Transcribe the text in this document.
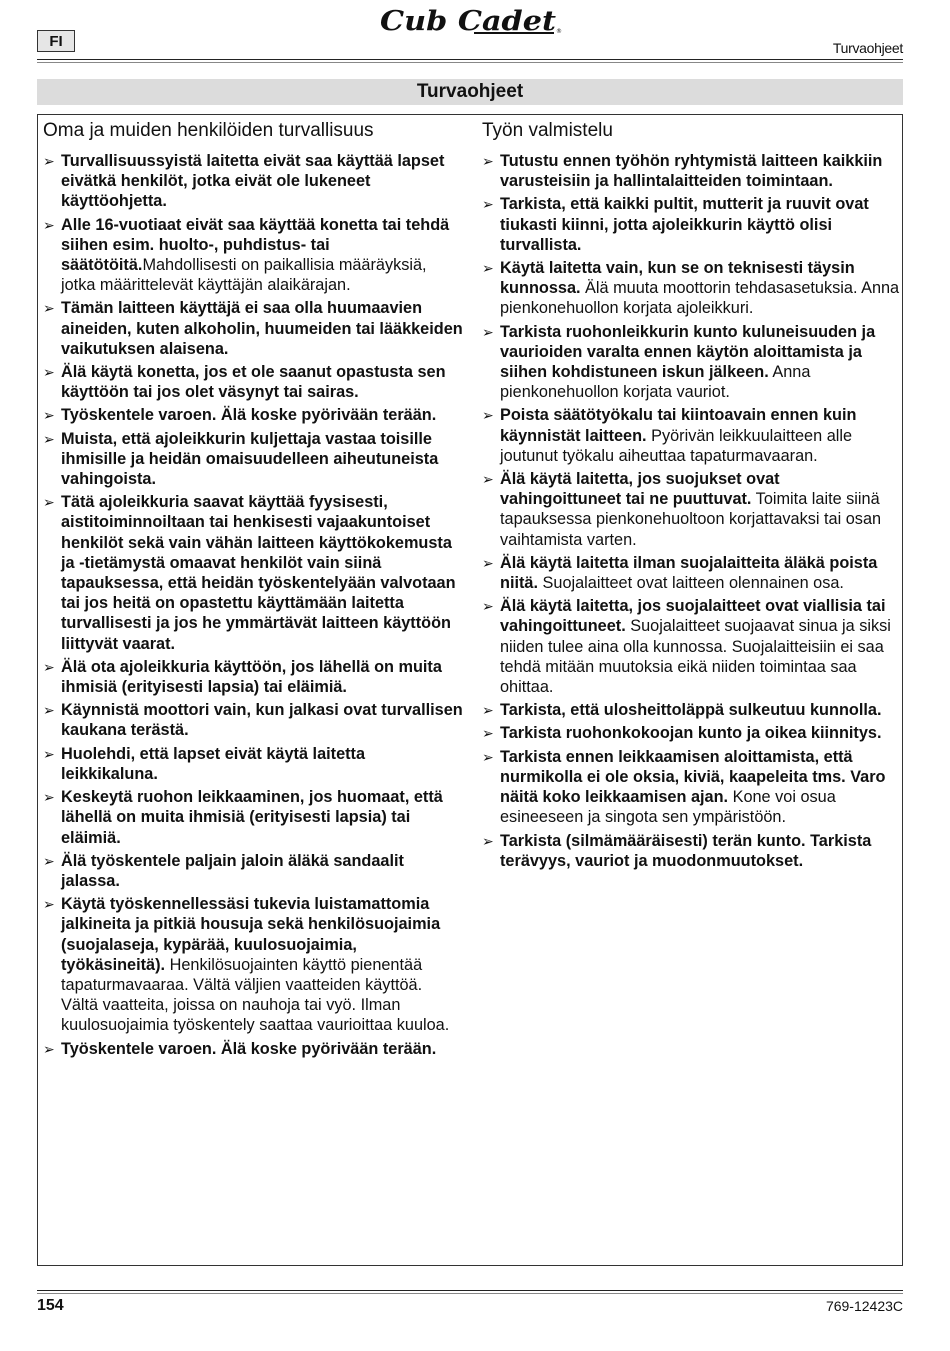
FI
Cub Cadet ®
Turvaohjeet
Turvaohjeet
Oma ja muiden henkilöiden turvallisuus
➢ Turvallisuussyistä laitetta eivät saa käyttää lapset eivätkä henkilöt, jotka eivät ole lukeneet käyttöohjetta.
➢ Alle 16-vuotiaat eivät saa käyttää konetta tai tehdä siihen esim. huolto-, puhdistus- tai säätötöitä.Mahdollisesti on paikallisia määräyksiä, jotka määrittelevät käyttäjän alaikärajan.
➢ Tämän laitteen käyttäjä ei saa olla huumaavien aineiden, kuten alkoholin, huumeiden tai lääkkeiden vaikutuksen alaisena.
➢ Älä käytä konetta, jos et ole saanut opastusta sen käyttöön tai jos olet väsynyt tai sairas.
➢ Työskentele varoen. Älä koske pyörivään terään.
➢ Muista, että ajoleikkurin kuljettaja vastaa toisille ihmisille ja heidän omaisuudelleen aiheutuneista vahingoista.
➢ Tätä ajoleikkuria saavat käyttää fyysisesti, aistitoiminnoiltaan tai henkisesti vajaakuntoiset henkilöt sekä vain vähän laitteen käyttökokemusta ja -tietämystä omaavat henkilöt vain siinä tapauksessa, että heidän työskentelyään valvotaan tai jos heitä on opastettu käyttämään laitetta turvallisesti ja jos he ymmärtävät laitteen käyttöön liittyvät vaarat.
➢ Älä ota ajoleikkuria käyttöön, jos lähellä on muita ihmisiä (erityisesti lapsia) tai eläimiä.
➢ Käynnistä moottori vain, kun jalkasi ovat turvallisen kaukana terästä.
➢ Huolehdi, että lapset eivät käytä laitetta leikkikaluna.
➢ Keskeytä ruohon leikkaaminen, jos huomaat, että lähellä on muita ihmisiä (erityisesti lapsia) tai eläimiä.
➢ Älä työskentele paljain jaloin äläkä sandaalit jalassa.
➢ Käytä työskennellessäsi tukevia luistamattomia jalkineita ja pitkiä housuja sekä henkilösuojaimia (suojalaseja, kypärää, kuulosuojaimia, työkäsineitä). Henkilösuojainten käyttö pienentää tapaturmavaaraa. Vältä väljien vaatteiden käyttöä. Vältä vaatteita, joissa on nauhoja tai vyö. Ilman kuulosuojaimia työskentely saattaa vaurioittaa kuuloa.
➢ Työskentele varoen. Älä koske pyörivään terään.
Työn valmistelu
➢ Tutustu ennen työhön ryhtymistä laitteen kaikkiin varusteisiin ja hallintalaitteiden toimintaan.
➢ Tarkista, että kaikki pultit, mutterit ja ruuvit ovat tiukasti kiinni, jotta ajoleikkurin käyttö olisi turvallista.
➢ Käytä laitetta vain, kun se on teknisesti täysin kunnossa. Älä muuta moottorin tehdasasetuksia. Anna pienkonehuollon korjata ajoleikkuri.
➢ Tarkista ruohonleikkurin kunto kuluneisuuden ja vaurioiden varalta ennen käytön aloittamista ja siihen kohdistuneen iskun jälkeen. Anna pienkonehuollon korjata vauriot.
➢ Poista säätötyökalu tai kiintoavain ennen kuin käynnistät laitteen. Pyörivän leikkuulaitteen alle joutunut työkalu aiheuttaa tapaturmavaaran.
➢ Älä käytä laitetta, jos suojukset ovat vahingoittuneet tai ne puuttuvat. Toimita laite siinä tapauksessa pienkonehuoltoon korjattavaksi tai osan vaihtamista varten.
➢ Älä käytä laitetta ilman suojalaitteita äläkä poista niitä. Suojalaitteet ovat laitteen olennainen osa.
➢ Älä käytä laitetta, jos suojalaitteet ovat viallisia tai vahingoittuneet. Suojalaitteet suojaavat sinua ja siksi niiden tulee aina olla kunnossa. Suojalaitteisiin ei saa tehdä mitään muutoksia eikä niiden toimintaa saa ohittaa.
➢ Tarkista, että ulosheittoläppä sulkeutuu kunnolla.
➢ Tarkista ruohonkokoojan kunto ja oikea kiinnitys.
➢ Tarkista ennen leikkaamisen aloittamista, että nurmikolla ei ole oksia, kiviä, kaapeleita tms. Varo näitä koko leikkaamisen ajan. Kone voi osua esineeseen ja singota sen ympäristöön.
➢ Tarkista (silmämääräisesti) terän kunto. Tarkista terävyys, vauriot ja muodonmuutokset.
154	769-12423C
